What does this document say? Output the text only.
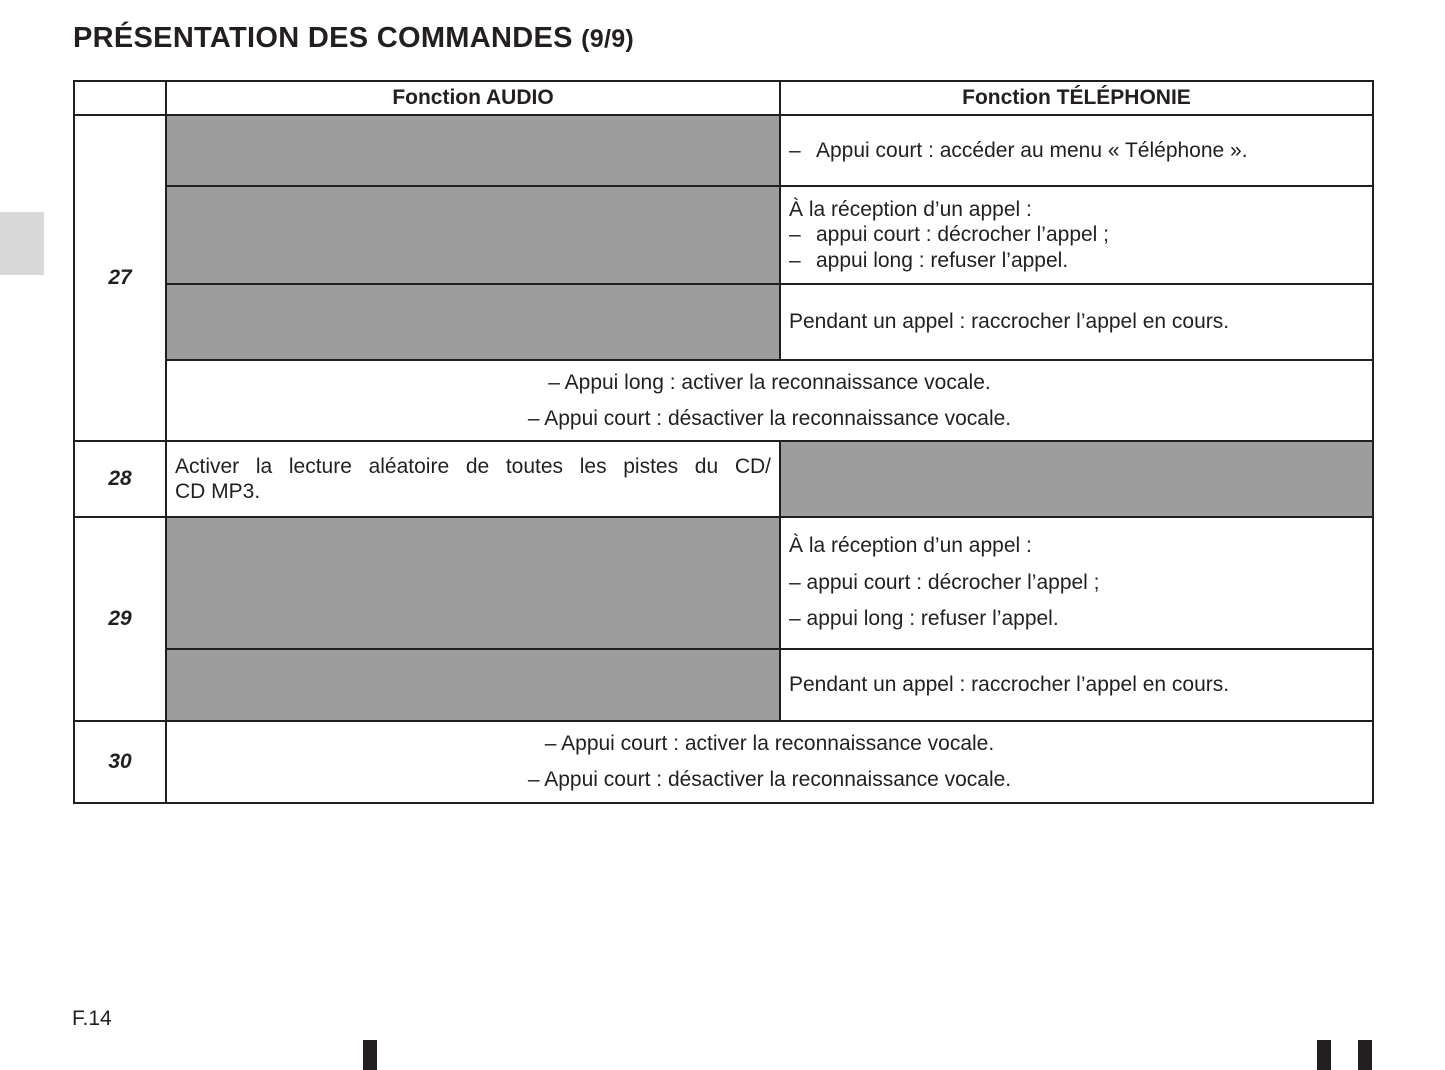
PRÉSENTATION DES COMMANDES (9/9)
	Fonction AUDIO	Fonction TÉLÉPHONIE
27		– Appui court : accéder au menu « Téléphone ».

		À la réception d’un appel :

– appui court : décrocher l’appel ;

– appui long : refuser l’appel.

		Pendant un appel : raccrocher l’appel en cours.

	– Appui long : activer la reconnaissance vocale.

– Appui court : désactiver la reconnaissance vocale.	

28	Activer la lecture aléatoire de toutes les pistes du CD/

CD MP3.	

29		À la réception d’un appel :

– appui court : décrocher l’appel ;

– appui long : refuser l’appel.

		Pendant un appel : raccrocher l’appel en cours.

30	– Appui court : activer la reconnaissance vocale.

– Appui court : désactiver la reconnaissance vocale.	

F.14
